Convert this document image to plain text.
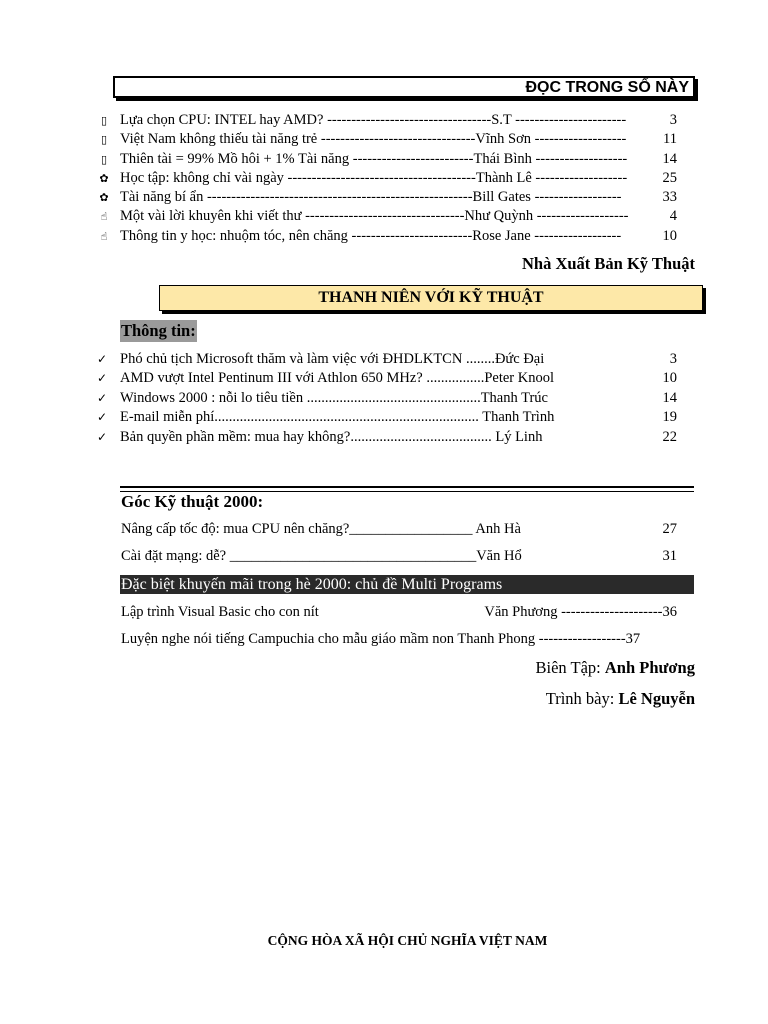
ĐỌC TRONG SỐ NÀY
▯ Lựa chọn CPU: INTEL hay AMD? ----------------------------------S.T -----------------------	3
▯ Việt Nam không thiếu tài năng trẻ --------------------------------Vĩnh Sơn -------------------	11
▯ Thiên tài = 99% Mồ hôi + 1% Tài năng -------------------------Thái Bình ------------------- 14
✿ Học tập: không chỉ vài ngày ---------------------------------------Thành Lê ------------------- 25
✿ Tài năng bí ẩn -------------------------------------------------------Bill Gates ------------------	33
☝ Một vài lời khuyên khi viết thư ---------------------------------Như Quỳnh -------------------	4
☝ Thông tin y học: nhuộm tóc, nên chăng -------------------------Rose Jane ------------------	10
Nhà Xuất Bản Kỹ Thuật
THANH NIÊN VỚI KỸ THUẬT
Thông tin:
✓ Phó chủ tịch Microsoft thăm và làm việc với ĐHDLKTCN ........Đức Đại	3
✓ AMD vượt Intel Pentinum III với Athlon 650 MHz? ................Peter Knool	10
✓ Windows 2000 : nỗi lo tiêu tiền ................................................Thanh Trúc	14
✓ E-mail miễn phí......................................................................... Thanh Trình	19
✓ Bản quyền phần mềm: mua hay không?....................................... Lý Linh	22
Góc Kỹ thuật 2000:
Nâng cấp tốc độ: mua CPU nên chăng?_________________ Anh Hà	27
Cài đặt mạng: dễ? __________________________________Văn Hổ	31
Đặc biệt khuyến mãi trong hè 2000: chủ đề Multi Programs
Lập trình Visual Basic cho con nít	Văn Phương ---------------------36
Luyện nghe nói tiếng Campuchia cho mẫu giáo mầm non Thanh Phong ------------------37
Biên Tập: Anh Phương
Trình bày: Lê Nguyễn
CỘNG HÒA XÃ HỘI CHỦ NGHĨA VIỆT NAM
